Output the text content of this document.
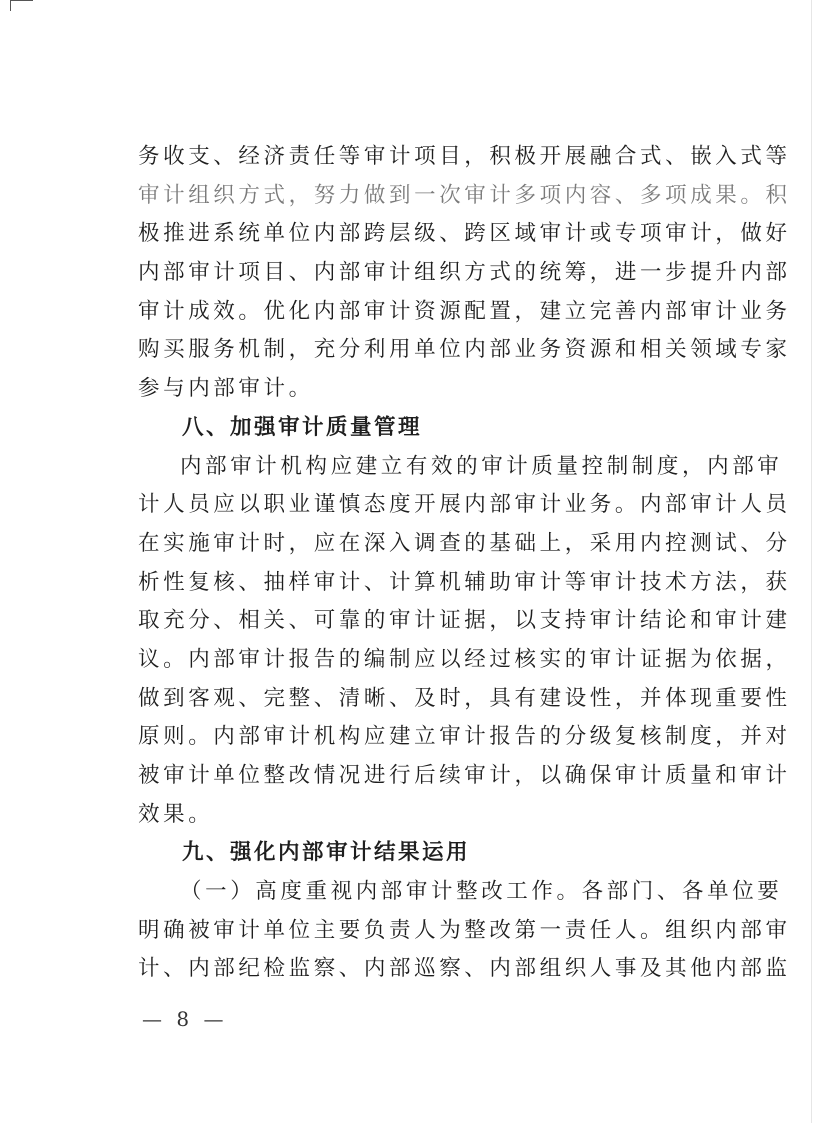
务收支、经济责任等审计项目，积极开展融合式、嵌入式等
审计组织方式，努力做到一次审计多项内容、多项成果。积
极推进系统单位内部跨层级、跨区域审计或专项审计，做好
内部审计项目、内部审计组织方式的统筹，进一步提升内部
审计成效。优化内部审计资源配置，建立完善内部审计业务
购买服务机制，充分利用单位内部业务资源和相关领域专家
参与内部审计。
八、加强审计质量管理
内部审计机构应建立有效的审计质量控制制度，内部审
计人员应以职业谨慎态度开展内部审计业务。内部审计人员
在实施审计时，应在深入调查的基础上，采用内控测试、分
析性复核、抽样审计、计算机辅助审计等审计技术方法，获
取充分、相关、可靠的审计证据，以支持审计结论和审计建
议。内部审计报告的编制应以经过核实的审计证据为依据，
做到客观、完整、清晰、及时，具有建设性，并体现重要性
原则。内部审计机构应建立审计报告的分级复核制度，并对
被审计单位整改情况进行后续审计，以确保审计质量和审计
效果。
九、强化内部审计结果运用
（一）高度重视内部审计整改工作。各部门、各单位要
明确被审计单位主要负责人为整改第一责任人。组织内部审
计、内部纪检监察、内部巡察、内部组织人事及其他内部监
— 8 —
